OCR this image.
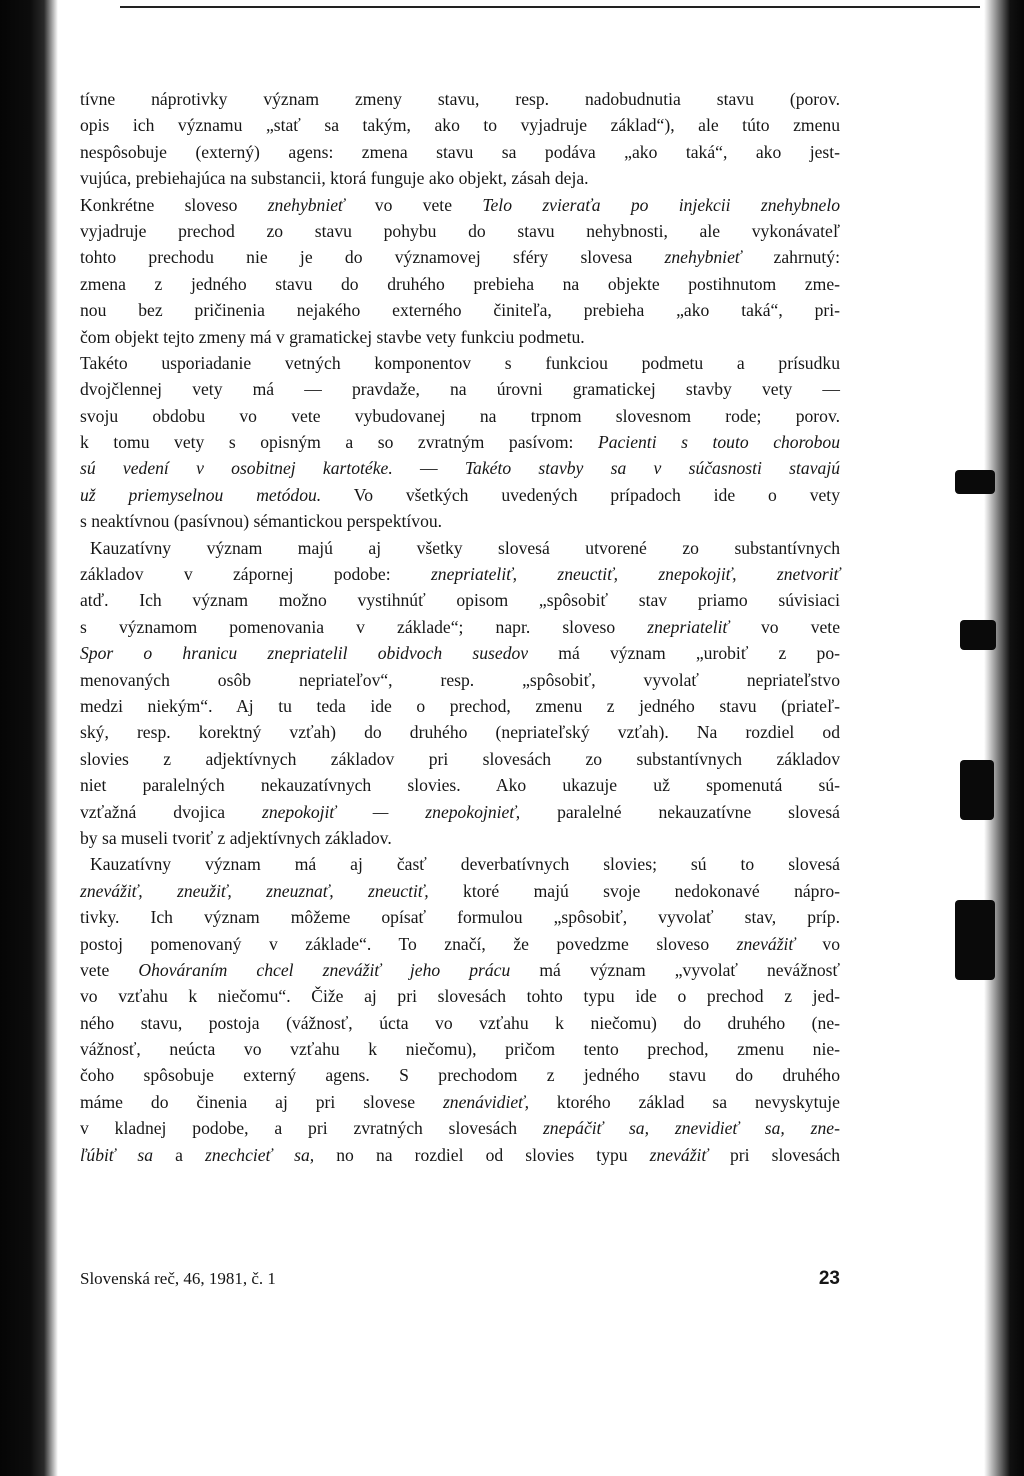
tívne náprotivky význam zmeny stavu, resp. nadobudnutia stavu (porov.
opis ich významu „stať sa takým, ako to vyjadruje základ“), ale túto zmenu
nespôsobuje (externý) agens: zmena stavu sa podáva „ako taká“, ako jest-
vujúca, prebiehajúca na substancii, ktorá funguje ako objekt, zásah deja.
Konkrétne sloveso znehybnieť vo vete Telo zvieraťa po injekcii znehybnelo
vyjadruje prechod zo stavu pohybu do stavu nehybnosti, ale vykonávateľ
tohto prechodu nie je do významovej sféry slovesa znehybnieť zahrnutý:
zmena z jedného stavu do druhého prebieha na objekte postihnutom zme-
nou bez pričinenia nejakého externého činiteľa, prebieha „ako taká“, pri-
čom objekt tejto zmeny má v gramatickej stavbe vety funkciu podmetu.
Takéto usporiadanie vetných komponentov s funkciou podmetu a prísudku
dvojčlennej vety má — pravdaže, na úrovni gramatickej stavby vety —
svoju obdobu vo vete vybudovanej na trpnom slovesnom rode; porov.
k tomu vety s opisným a so zvratným pasívom: Pacienti s touto chorobou
sú vedení v osobitnej kartotéke. — Takéto stavby sa v súčasnosti stavajú
už priemyselnou metódou. Vo všetkých uvedených prípadoch ide o vety
s neaktívnou (pasívnou) sémantickou perspektívou.
Kauzatívny význam majú aj všetky slovesá utvorené zo substantívnych
základov v zápornej podobe: znepriateliť, zneuctiť, znepokojiť, znetvoriť
atď. Ich význam možno vystihnúť opisom „spôsobiť stav priamo súvisiaci
s významom pomenovania v základe“; napr. sloveso znepriateliť vo vete
Spor o hranicu znepriatelil obidvoch susedov má význam „urobiť z po-
menovaných osôb nepriateľov“, resp. „spôsobiť, vyvolať nepriateľstvo
medzi niekým“. Aj tu teda ide o prechod, zmenu z jedného stavu (priateľ-
ský, resp. korektný vzťah) do druhého (nepriateľský vzťah). Na rozdiel od
slovies z adjektívnych základov pri slovesách zo substantívnych základov
niet paralelných nekauzatívnych slovies. Ako ukazuje už spomenutá sú-
vzťažná dvojica znepokojiť — znepokojnieť, paralelné nekauzatívne slovesá
by sa museli tvoriť z adjektívnych základov.
Kauzatívny význam má aj časť deverbatívnych slovies; sú to slovesá
znevážiť, zneužiť, zneuznať, zneuctiť, ktoré majú svoje nedokonavé nápro-
tivky. Ich význam môžeme opísať formulou „spôsobiť, vyvolať stav, príp.
postoj pomenovaný v základe“. To značí, že povedzme sloveso znevážiť vo
vete Ohováraním chcel znevážiť jeho prácu má význam „vyvolať nevážnosť
vo vzťahu k niečomu“. Čiže aj pri slovesách tohto typu ide o prechod z jed-
ného stavu, postoja (vážnosť, úcta vo vzťahu k niečomu) do druhého (ne-
vážnosť, neúcta vo vzťahu k niečomu), pričom tento prechod, zmenu nie-
čoho spôsobuje externý agens. S prechodom z jedného stavu do druhého
máme do činenia aj pri slovese znenávidieť, ktorého základ sa nevyskytuje
v kladnej podobe, a pri zvratných slovesách znepáčiť sa, znevidieť sa, zne-
ľúbiť sa a znechcieť sa, no na rozdiel od slovies typu znevážiť pri slovesách
Slovenská reč, 46, 1981, č. 1	23
